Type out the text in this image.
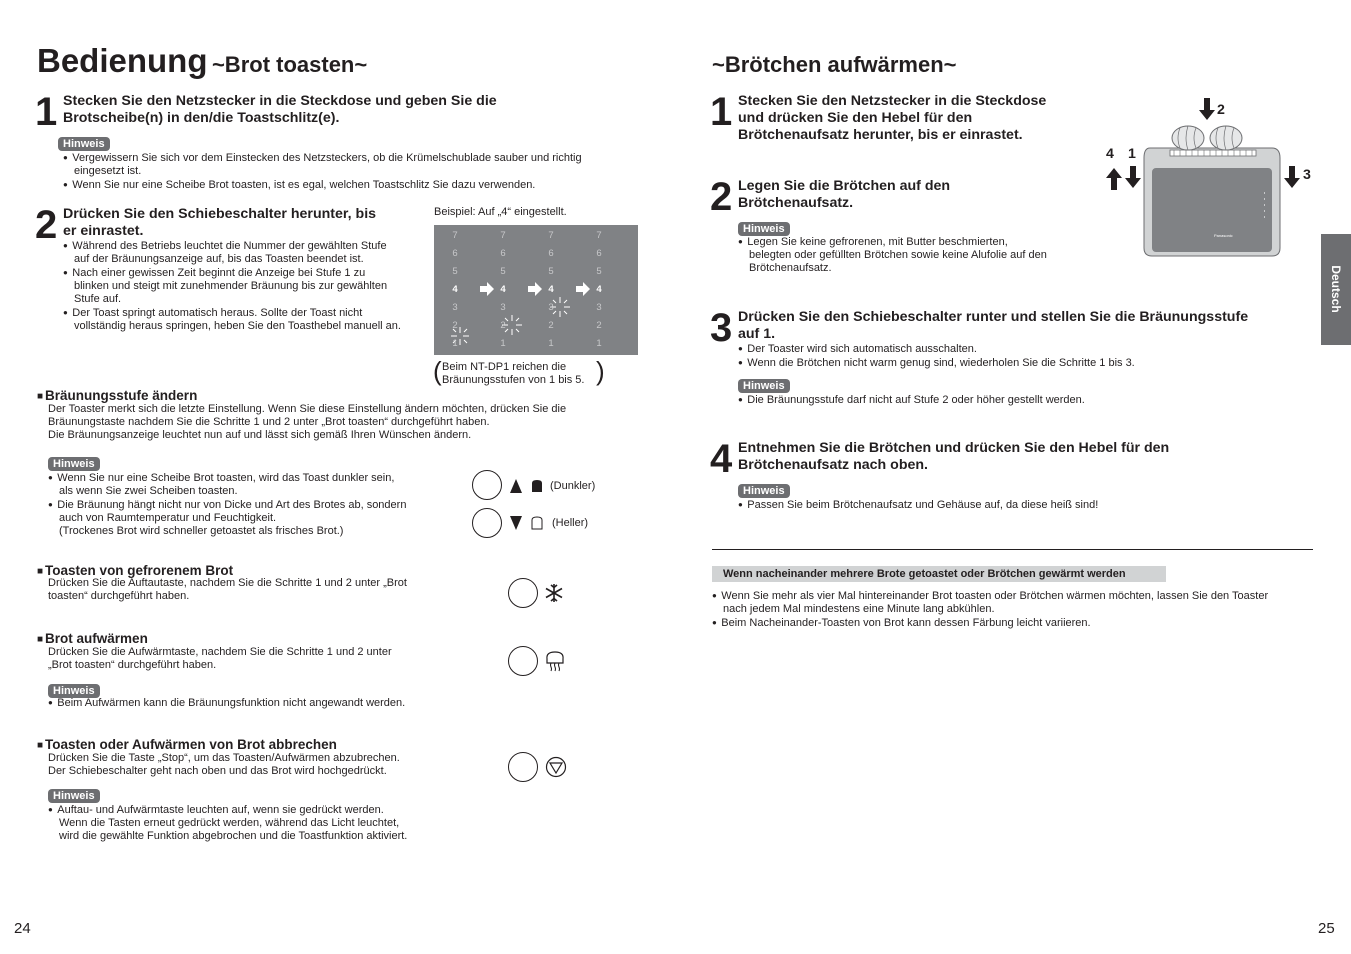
Bedienung ~Brot toasten~
1 Stecken Sie den Netzstecker in die Steckdose und geben Sie die
Brotscheibe(n) in den/die Toastschlitz(e).
Hinweis
●  Vergewissern Sie sich vor dem Einstecken des Netzsteckers, ob die Krümelschublade sauber und richtig
eingesetzt ist.
●  Wenn Sie nur eine Scheibe Brot toasten, ist es egal, welchen Toastschlitz Sie dazu verwenden.
2 Drücken Sie den Schiebeschalter herunter, bis
er einrastet.
●  Während des Betriebs leuchtet die Nummer der gewählten Stufe
auf der Bräunungsanzeige auf, bis das Toasten beendet ist.
●  Nach einer gewissen Zeit beginnt die Anzeige bei Stufe 1 zu
blinken und steigt mit zunehmender Bräunung bis zur gewählten
Stufe auf.
●  Der Toast springt automatisch heraus. Sollte der Toast nicht
vollständig heraus springen, heben Sie den Toasthebel manuell an.
Beispiel: Auf „4“ eingestellt.
7
6
5
4
3
2
1
7
6
5
4
3
2
1
7
6
5
4
3
2
1
7
6
5
4
3
2
1
( Beim NT-DP1 reichen die
Bräunungsstufen von 1 bis 5. )
■ Bräunungsstufe ändern
Der Toaster merkt sich die letzte Einstellung. Wenn Sie diese Einstellung ändern möchten, drücken Sie die
Bräunungstaste nachdem Sie die Schritte 1 und 2 unter „Brot toasten“ durchgeführt haben.
Die Bräunungsanzeige leuchtet nun auf und lässt sich gemäß Ihren Wünschen ändern.
Hinweis
●  Wenn Sie nur eine Scheibe Brot toasten, wird das Toast dunkler sein,
als wenn Sie zwei Scheiben toasten.
●  Die Bräunung hängt nicht nur von Dicke und Art des Brotes ab, sondern
auch von Raumtemperatur und Feuchtigkeit.
(Trockenes Brot wird schneller getoastet als frisches Brot.)
(Dunkler)
(Heller)
■ Toasten von gefrorenem Brot
Drücken Sie die Auftautaste, nachdem Sie die Schritte 1 und 2 unter „Brot
toasten“ durchgeführt haben.
■ Brot aufwärmen
Drücken Sie die Aufwärmtaste, nachdem Sie die Schritte 1 und 2 unter
„Brot toasten“ durchgeführt haben.
Hinweis
●  Beim Aufwärmen kann die Bräunungsfunktion nicht angewandt werden.
■ Toasten oder Aufwärmen von Brot abbrechen
Drücken Sie die Taste „Stop“, um das Toasten/Aufwärmen abzubrechen.
Der Schiebeschalter geht nach oben und das Brot wird hochgedrückt.
Hinweis
●  Auftau- und Aufwärmtaste leuchten auf, wenn sie gedrückt werden.
Wenn die Tasten erneut gedrückt werden, während das Licht leuchtet,
wird die gewählte Funktion abgebrochen und die Toastfunktion aktiviert.
24
~Brötchen aufwärmen~
1 Stecken Sie den Netzstecker in die Steckdose
und drücken Sie den Hebel für den
Brötchenaufsatz herunter, bis er einrastet.
2 Legen Sie die Brötchen auf den
Brötchenaufsatz.
Hinweis
●  Legen Sie keine gefrorenen, mit Butter beschmierten,
belegten oder gefüllten Brötchen sowie keine Alufolie auf den
Brötchenaufsatz.
Panasonic
2
4 1
3
3 Drücken Sie den Schiebeschalter runter und stellen Sie die Bräunungsstufe
auf 1.
●  Der Toaster wird sich automatisch ausschalten.
●  Wenn die Brötchen nicht warm genug sind, wiederholen Sie die Schritte 1 bis 3.
Hinweis
●  Die Bräunungsstufe darf nicht auf Stufe 2 oder höher gestellt werden.
4 Entnehmen Sie die Brötchen und drücken Sie den Hebel für den
Brötchenaufsatz nach oben.
Hinweis
●  Passen Sie beim Brötchenaufsatz und Gehäuse auf, da diese heiß sind!
Wenn nacheinander mehrere Brote getoastet oder Brötchen gewärmt werden
●  Wenn Sie mehr als vier Mal hintereinander Brot toasten oder Brötchen wärmen möchten, lassen Sie den Toaster
nach jedem Mal mindestens eine Minute lang abkühlen.
●  Beim Nacheinander-Toasten von Brot kann dessen Färbung leicht variieren.
Deutsch
25
